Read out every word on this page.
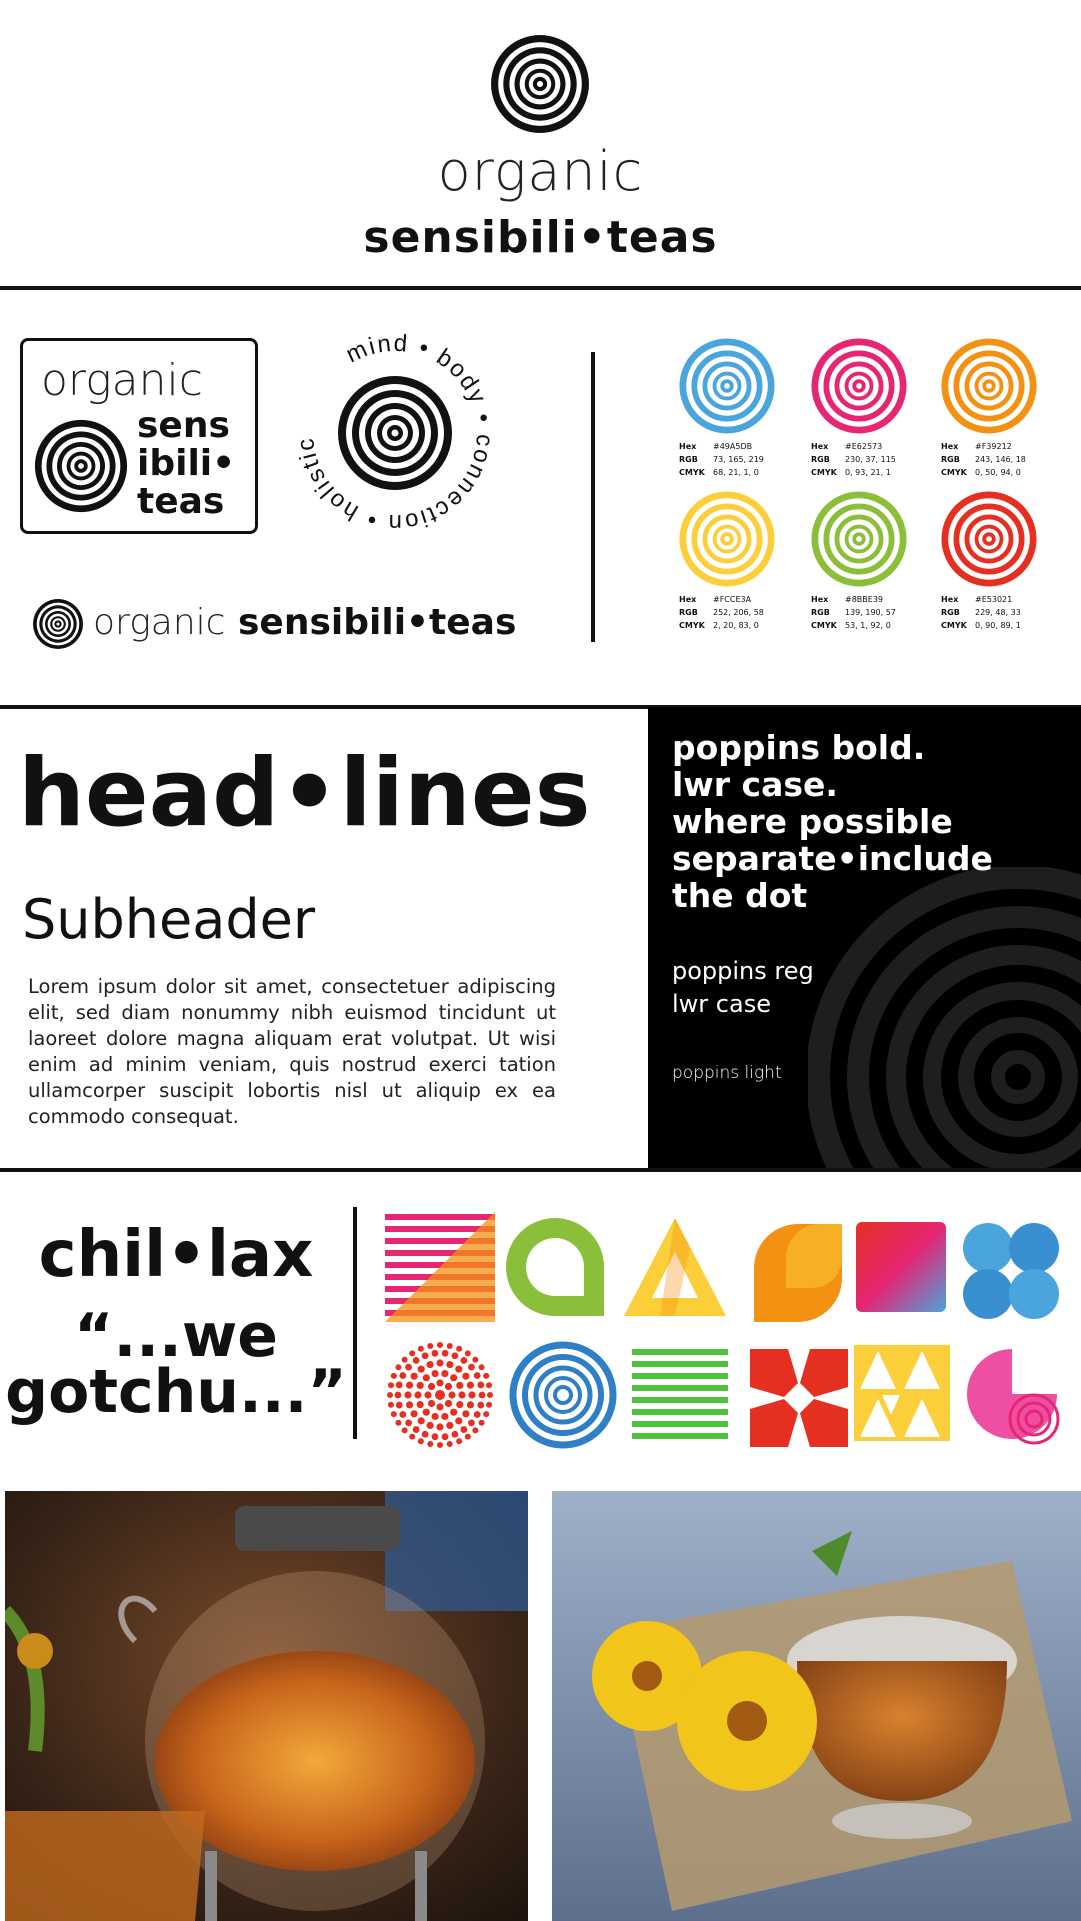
organic
sensibili•teas
organic
sens
ibili•
teas
mind • body • onnection • holisti
organic sensibili•teas
Hex #49A5DB
RGB 73, 165, 219
CMYK 68, 21, 1, 0
Hex #E62573
RGB 230, 37, 115
CMYK 0, 93, 21, 1
Hex #F39212
RGB 243, 146, 18
CMYK 0, 50, 94, 0
Hex #FCCE3A
RGB 252, 206, 58
CMYK 2, 20, 83, 0
Hex #8BBE39
RGB 139, 190, 57
CMYK 53, 1, 92, 0
Hex #E53021
RGB 229, 48, 33
CMYK 0, 90, 89, 1
head•lines
Subheader
Lorem ipsum dolor sit amet, consectetuer adipiscing elit, sed diam nonummy nibh euismod tincidunt ut laoreet dolore magna aliquam erat volutpat. Ut wisi enim ad minim veniam, quis nostrud exerci tation ullamcorper suscipit lobortis nisl ut aliquip ex ea commodo consequat.
poppins bold.
lwr case.
where possible
separate•include
the dot
poppins reg
lwr case
poppins light
chil•lax
“...we
gotchu...”
